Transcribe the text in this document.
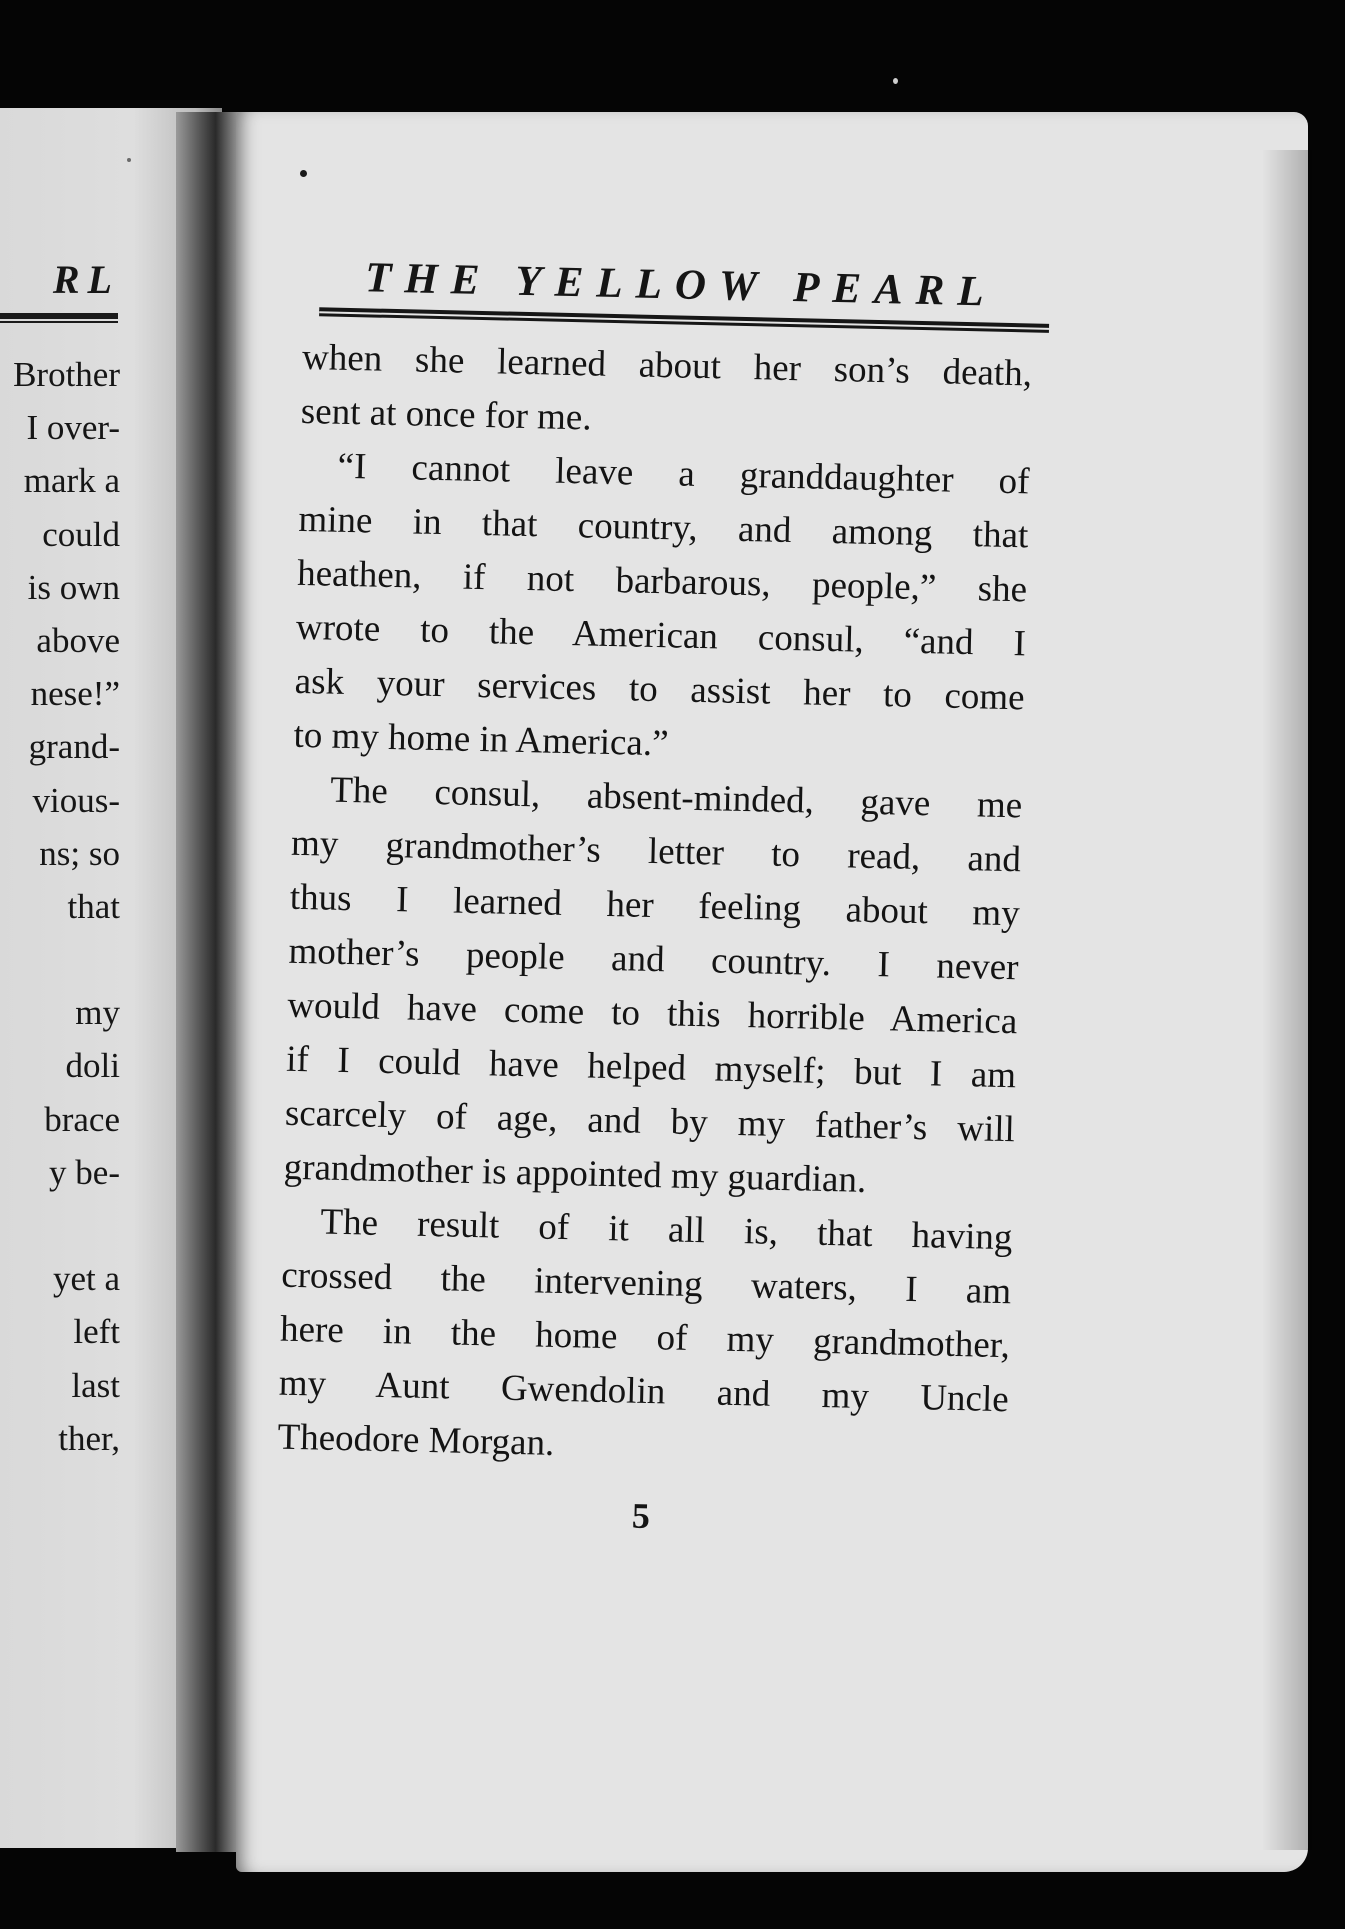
RL
Brother
I over-
mark a
could
is own
above
nese!”
grand-
vious-
ns; so
that
my
doli
brace
y be-
yet a
left
last
ther,
THE YELLOW PEARL
when she learned about her son’s death,
sent at once for me.
“I cannot leave a granddaughter of
mine in that country, and among that
heathen, if not barbarous, people,” she
wrote to the American consul, “and I
ask your services to assist her to come
to my home in America.”
The consul, absent-minded, gave me
my grandmother’s letter to read, and
thus I learned her feeling about my
mother’s people and country. I never
would have come to this horrible America
if I could have helped myself; but I am
scarcely of age, and by my father’s will
grandmother is appointed my guardian.
The result of it all is, that having
crossed the intervening waters, I am
here in the home of my grandmother,
my Aunt Gwendolin and my Uncle
Theodore Morgan.
5
